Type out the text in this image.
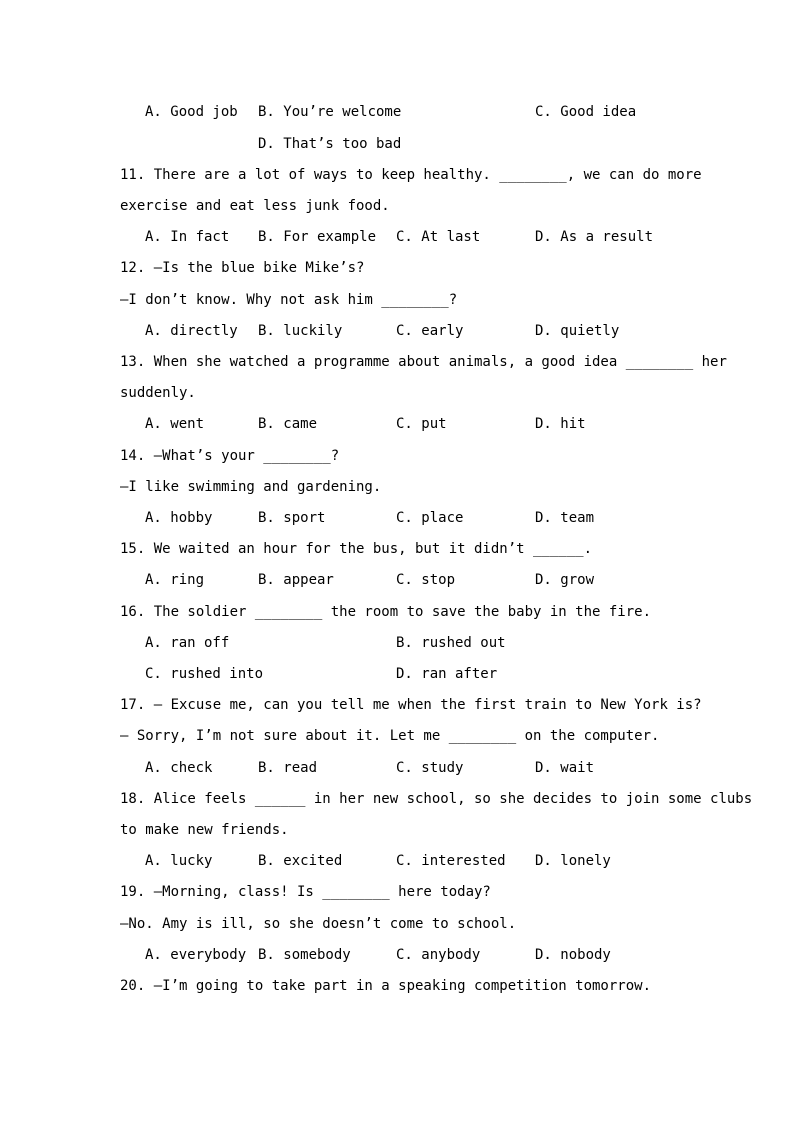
A. Good job B. You’re welcome	C. Good idea
D. That’s too bad
11. There are a lot of ways to keep healthy. ________, we can do more
exercise and eat less junk food.
A. In fact B. For example C. At last	D. As a result
12. —Is the blue bike Mike’s?
—I don’t know. Why not ask him ________?
A. directly B. luckily	C. early	D. quietly
13. When she watched a programme about animals, a good idea ________ her
suddenly.
A. went	B. came	C. put	D. hit
14. —What’s your ________?
—I like swimming and gardening.
A. hobby	B. sport	C. place	D. team
15. We waited an hour for the bus, but it didn’t ______.
A. ring	B. appear	C. stop	D. grow
16. The soldier ________ the room to save the baby in the fire.
A. ran off	B. rushed out
C. rushed into	D. ran after
17. — Excuse me, can you tell me when the first train to New York is?
— Sorry, I’m not sure about it. Let me ________ on the computer.
A. check	B. read	C. study	D. wait
18. Alice feels ______ in her new school, so she decides to join some clubs
to make new friends.
A. lucky	B. excited	C. interested D. lonely
19. —Morning, class! Is ________ here today?
—No. Amy is ill, so she doesn’t come to school.
A. everybody B. somebody	C. anybody	D. nobody
20. —I’m going to take part in a speaking competition tomorrow.
